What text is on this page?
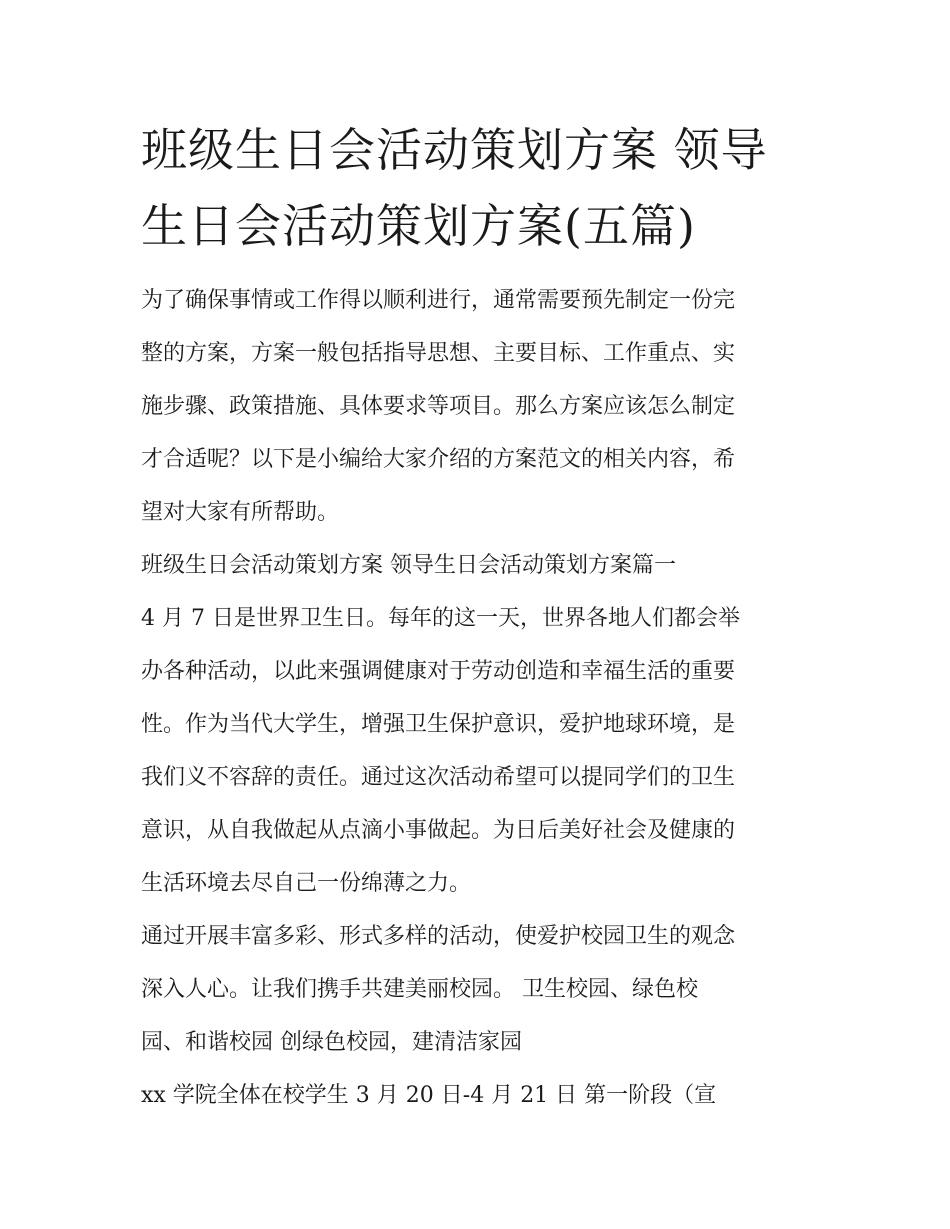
班级生日会活动策划方案 领导
生日会活动策划方案(五篇)

为了确保事情或工作得以顺利进行，通常需要预先制定一份完
整的方案，方案一般包括指导思想、主要目标、工作重点、实
施步骤、政策措施、具体要求等项目。那么方案应该怎么制定
才合适呢？以下是小编给大家介绍的方案范文的相关内容，希
望对大家有所帮助。

班级生日会活动策划方案 领导生日会活动策划方案篇一

4 月 7 日是世界卫生日。每年的这一天，世界各地人们都会举
办各种活动，以此来强调健康对于劳动创造和幸福生活的重要
性。作为当代大学生，增强卫生保护意识，爱护地球环境，是
我们义不容辞的责任。通过这次活动希望可以提同学们的卫生
意识，从自我做起从点滴小事做起。为日后美好社会及健康的
生活环境去尽自己一份绵薄之力。

通过开展丰富多彩、形式多样的活动，使爱护校园卫生的观念
深入人心。让我们携手共建美丽校园。 卫生校园、绿色校
园、和谐校园 创绿色校园，建清洁家园

xx 学院全体在校学生 3 月 20 日-4 月 21 日 第一阶段（宣
